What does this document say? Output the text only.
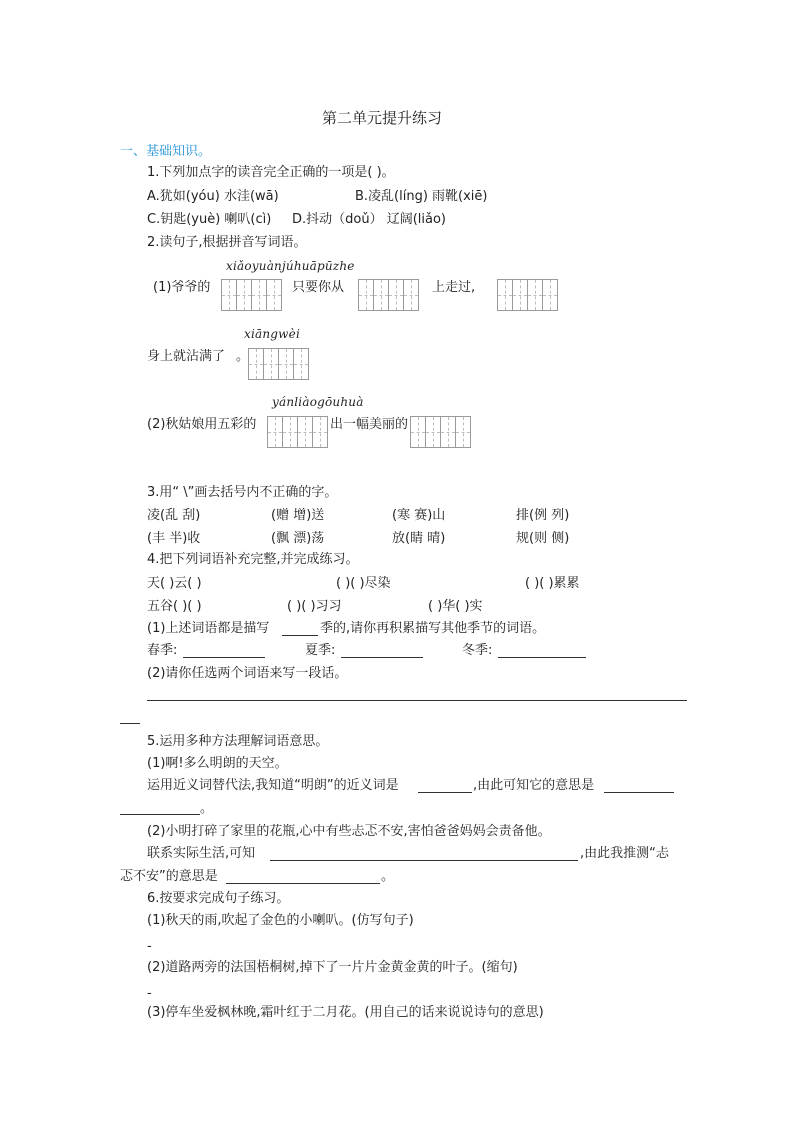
第二单元提升练习
一、基础知识。
1.下列加点字的读音完全正确的一项是( )。
A.犹如(yóu) 水洼(wā)	B.凌乱(líng) 雨靴(xiē)
C.钥匙(yuè) 喇叭(cì) D.抖动（doǔ） 辽阔(liǎo)
2.读句子,根据拼音写词语。
xiǎoyuànjúhuāpūzhe
(1)爷爷的	只要你从	上走过,
xiāngwèi
身上就沾满了 。
yánliàogōuhuà
(2)秋姑娘用五彩的	出一幅美丽的
3.用“ \”画去括号内不正确的字。
凌(乱 刮)	(赠 增)送	(寒 赛)山	排(例 列)
(丰 半)收	(飘 漂)荡	放(睛 晴)	规(则 侧)
4.把下列词语补充完整,并完成练习。
天( )云( )	( )( )尽染	( )( )累累
五谷( )( )	( )( )习习	( )华( )实
(1)上述词语都是描写	季的,请你再积累描写其他季节的词语。
春季:	夏季:	冬季:
(2)请你任选两个词语来写一段话。
5.运用多种方法理解词语意思。
(1)啊!多么明朗的天空。
运用近义词替代法,我知道“明朗”的近义词是	,由此可知它的意思是
。
(2)小明打碎了家里的花瓶,心中有些忐忑不安,害怕爸爸妈妈会责备他。
联系实际生活,可知	,由此我推测“忐
忑不安”的意思是	。
6.按要求完成句子练习。
(1)秋天的雨,吹起了金色的小喇叭。(仿写句子)
-
(2)道路两旁的法国梧桐树,掉下了一片片金黄金黄的叶子。(缩句)
-
(3)停车坐爱枫林晚,霜叶红于二月花。(用自己的话来说说诗句的意思)
